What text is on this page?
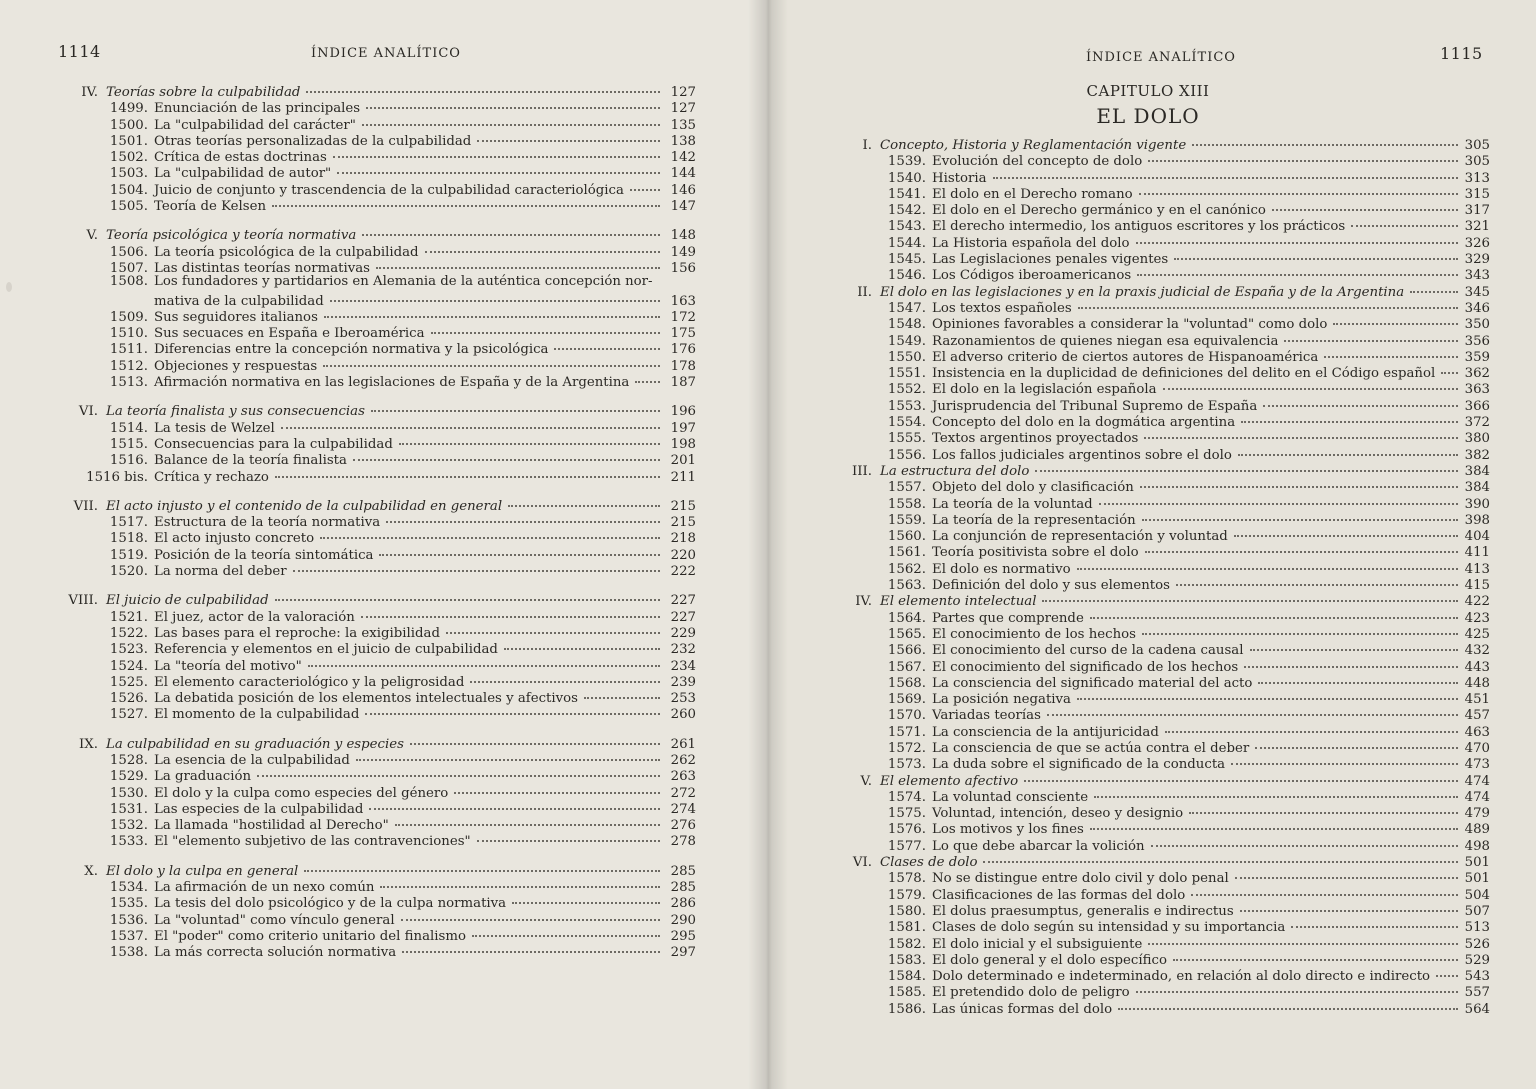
1114	ÍNDICE ANALÍTICO
IV. Teorías sobre la culpabilidad	127
1499. Enunciación de las principales	127
1500. La "culpabilidad del carácter"	135
1501. Otras teorías personalizadas de la culpabilidad	138
1502. Crítica de estas doctrinas	142
1503. La "culpabilidad de autor"	144
1504. Juicio de conjunto y trascendencia de la culpabilidad caracteriológica	146
1505. Teoría de Kelsen	147
V. Teoría psicológica y teoría normativa	148
1506. La teoría psicológica de la culpabilidad	149
1507. Las distintas teorías normativas	156
1508. Los fundadores y partidarios en Alemania de la auténtica concepción nor-
mativa de la culpabilidad	163
1509. Sus seguidores italianos	172
1510. Sus secuaces en España e Iberoamérica	175
1511. Diferencias entre la concepción normativa y la psicológica	176
1512. Objeciones y respuestas	178
1513. Afirmación normativa en las legislaciones de España y de la Argentina	187
VI. La teoría finalista y sus consecuencias	196
1514. La tesis de Welzel	197
1515. Consecuencias para la culpabilidad	198
1516. Balance de la teoría finalista	201
1516 bis. Crítica y rechazo	211
VII. El acto injusto y el contenido de la culpabilidad en general	215
1517. Estructura de la teoría normativa	215
1518. El acto injusto concreto	218
1519. Posición de la teoría sintomática	220
1520. La norma del deber	222
VIII. El juicio de culpabilidad	227
1521. El juez, actor de la valoración	227
1522. Las bases para el reproche: la exigibilidad	229
1523. Referencia y elementos en el juicio de culpabilidad	232
1524. La "teoría del motivo"	234
1525. El elemento caracteriológico y la peligrosidad	239
1526. La debatida posición de los elementos intelectuales y afectivos	253
1527. El momento de la culpabilidad	260
IX. La culpabilidad en su graduación y especies	261
1528. La esencia de la culpabilidad	262
1529. La graduación	263
1530. El dolo y la culpa como especies del género	272
1531. Las especies de la culpabilidad	274
1532. La llamada "hostilidad al Derecho"	276
1533. El "elemento subjetivo de las contravenciones"	278
X. El dolo y la culpa en general	285
1534. La afirmación de un nexo común	285
1535. La tesis del dolo psicológico y de la culpa normativa	286
1536. La "voluntad" como vínculo general	290
1537. El "poder" como criterio unitario del finalismo	295
1538. La más correcta solución normativa	297
ÍNDICE ANALÍTICO	1115
CAPITULO XIII
EL DOLO
I. Concepto, Historia y Reglamentación vigente	305
1539. Evolución del concepto de dolo	305
1540. Historia	313
1541. El dolo en el Derecho romano	315
1542. El dolo en el Derecho germánico y en el canónico	317
1543. El derecho intermedio, los antiguos escritores y los prácticos	321
1544. La Historia española del dolo	326
1545. Las Legislaciones penales vigentes	329
1546. Los Códigos iberoamericanos	343
II. El dolo en las legislaciones y en la praxis judicial de España y de la Argentina	345
1547. Los textos españoles	346
1548. Opiniones favorables a considerar la "voluntad" como dolo	350
1549. Razonamientos de quienes niegan esa equivalencia	356
1550. El adverso criterio de ciertos autores de Hispanoamérica	359
1551. Insistencia en la duplicidad de definiciones del delito en el Código español 362
1552. El dolo en la legislación española	363
1553. Jurisprudencia del Tribunal Supremo de España	366
1554. Concepto del dolo en la dogmática argentina	372
1555. Textos argentinos proyectados	380
1556. Los fallos judiciales argentinos sobre el dolo	382
III. La estructura del dolo	384
1557. Objeto del dolo y clasificación	384
1558. La teoría de la voluntad	390
1559. La teoría de la representación	398
1560. La conjunción de representación y voluntad	404
1561. Teoría positivista sobre el dolo	411
1562. El dolo es normativo	413
1563. Definición del dolo y sus elementos	415
IV. El elemento intelectual	422
1564. Partes que comprende	423
1565. El conocimiento de los hechos	425
1566. El conocimiento del curso de la cadena causal	432
1567. El conocimiento del significado de los hechos	443
1568. La consciencia del significado material del acto	448
1569. La posición negativa	451
1570. Variadas teorías	457
1571. La consciencia de la antijuricidad	463
1572. La consciencia de que se actúa contra el deber	470
1573. La duda sobre el significado de la conducta	473
V. El elemento afectivo	474
1574. La voluntad consciente	474
1575. Voluntad, intención, deseo y designio	479
1576. Los motivos y los fines	489
1577. Lo que debe abarcar la volición	498
VI. Clases de dolo	501
1578. No se distingue entre dolo civil y dolo penal	501
1579. Clasificaciones de las formas del dolo	504
1580. El dolus praesumptus, generalis e indirectus	507
1581. Clases de dolo según su intensidad y su importancia	513
1582. El dolo inicial y el subsiguiente	526
1583. El dolo general y el dolo específico	529
1584. Dolo determinado e indeterminado, en relación al dolo directo e indirecto	543
1585. El pretendido dolo de peligro	557
1586. Las únicas formas del dolo	564
